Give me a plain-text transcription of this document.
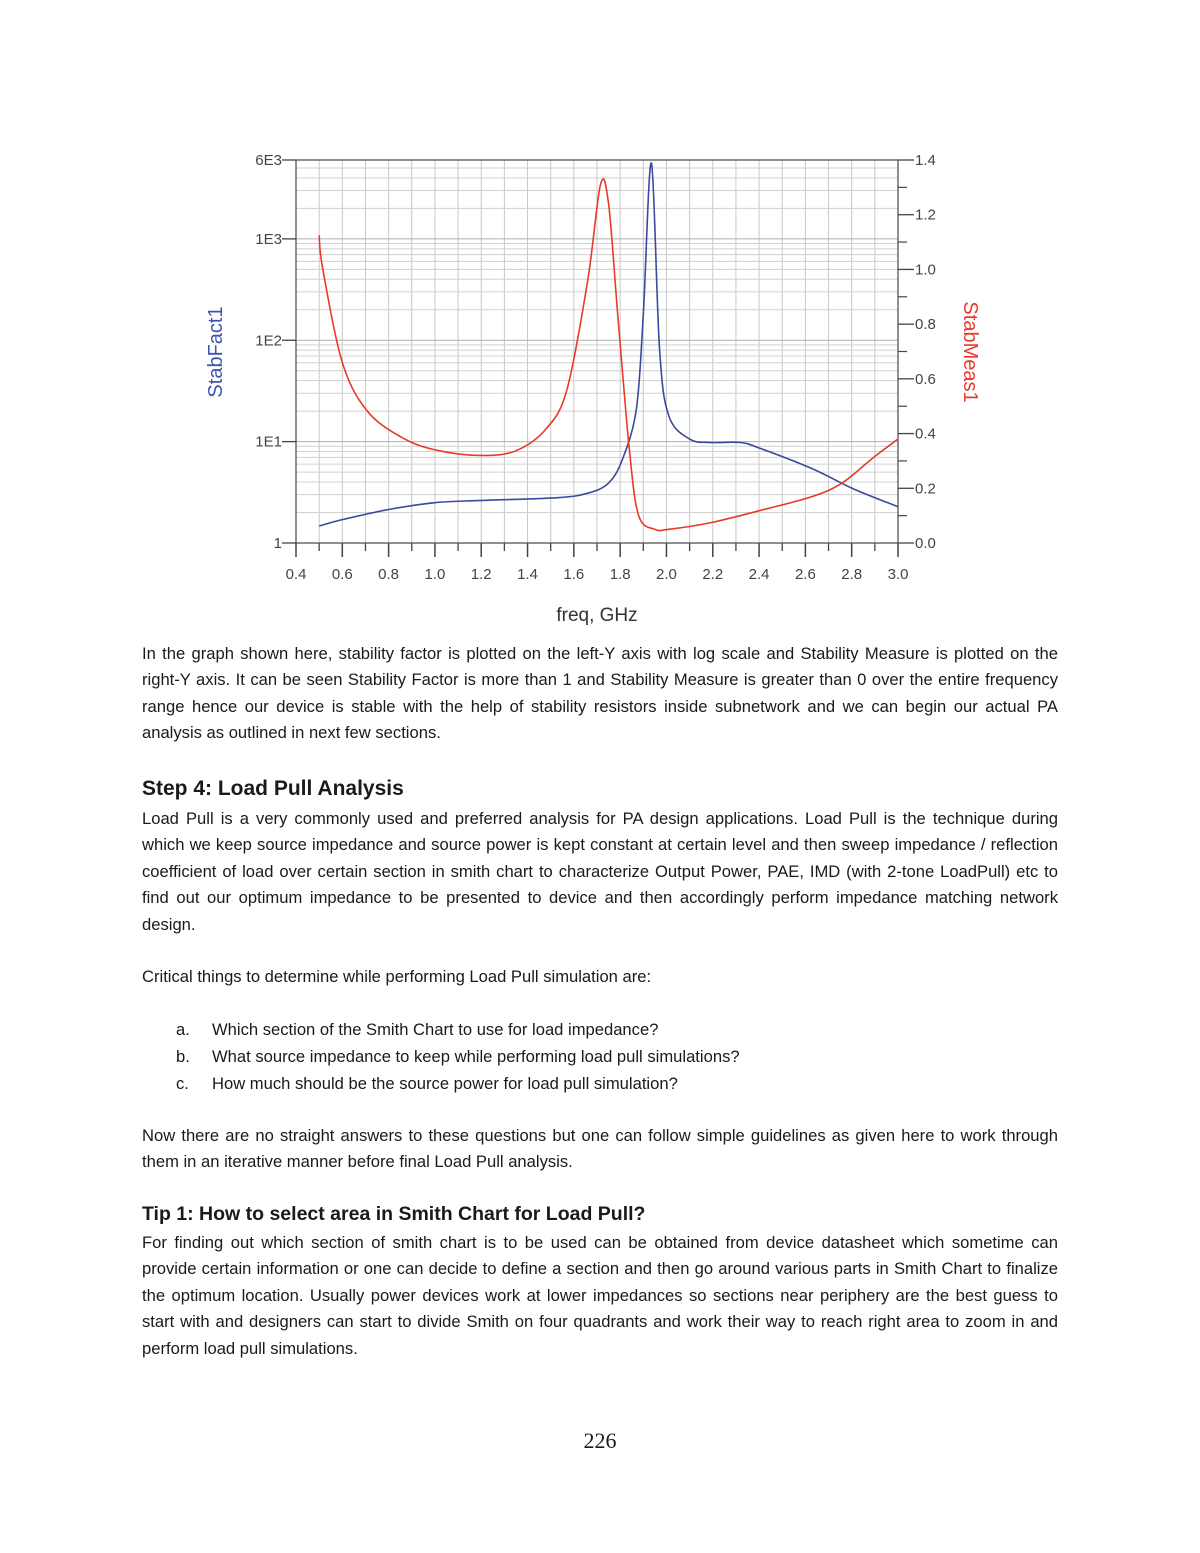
0.4 0.6 0.8 1.0 1.2 1.4 1.6 1.8 2.0 2.2 2.4 2.6 2.8 3.0
6E3
1E3
1E2
1E1
1
1.4
1.2
1.0
0.8
0.6
0.4
0.2
0.0
StabFact1	StabMeas1
freq, GHz

In the graph shown here, stability factor is plotted on the left-Y axis with log scale and Stability Measure is plotted on the right-Y axis. It can be seen Stability Factor is more than 1 and Stability Measure is greater than 0 over the entire frequency range hence our device is stable with the help of stability resistors inside subnetwork and we can begin our actual PA analysis as outlined in next few sections.

Step 4: Load Pull Analysis

Load Pull is a very commonly used and preferred analysis for PA design applications. Load Pull is the technique during which we keep source impedance and source power is kept constant at certain level and then sweep impedance / reflection coefficient of load over certain section in smith chart to characterize Output Power, PAE, IMD (with 2-tone LoadPull) etc to find out our optimum impedance to be presented to device and then accordingly perform impedance matching network design.

Critical things to determine while performing Load Pull simulation are:

a.	Which section of the Smith Chart to use for load impedance?
b.	What source impedance to keep while performing load pull simulations?
c.	How much should be the source power for load pull simulation?

Now there are no straight answers to these questions but one can follow simple guidelines as given here to work through them in an iterative manner before final Load Pull analysis.

Tip 1: How to select area in Smith Chart for Load Pull?

For finding out which section of smith chart is to be used can be obtained from device datasheet which sometime can provide certain information or one can decide to define a section and then go around various parts in Smith Chart to finalize the optimum location. Usually power devices work at lower impedances so sections near periphery are the best guess to start with and designers can start to divide Smith on four quadrants and work their way to reach right area to zoom in and perform load pull simulations.

226
